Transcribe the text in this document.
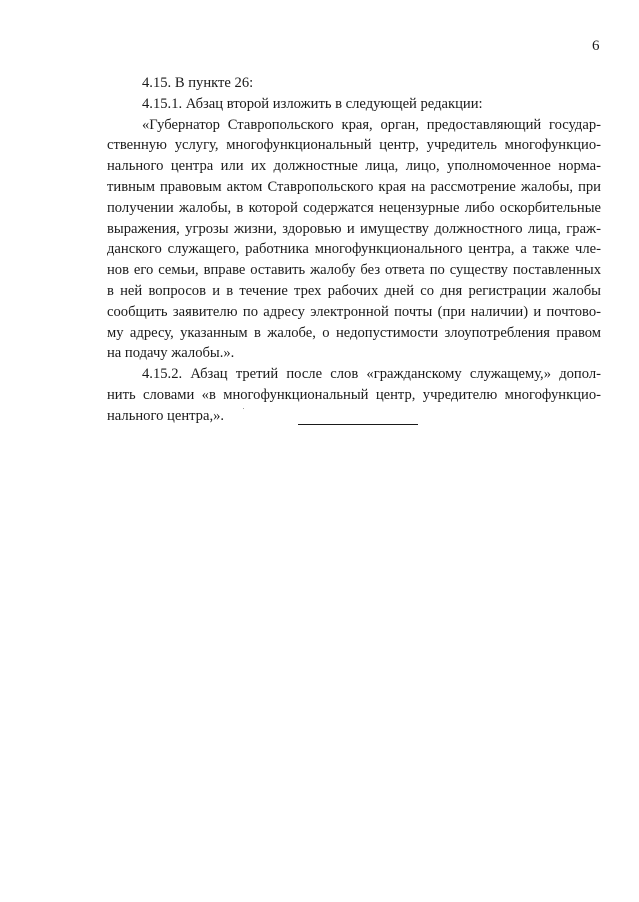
6
4.15. В пункте 26:
4.15.1. Абзац второй изложить в следующей редакции:
«Губернатор Ставропольского края, орган, предоставляющий государ-
ственную услугу, многофункциональный центр, учредитель многофункцио-
нального центра или их должностные лица, лицо, уполномоченное норма-
тивным правовым актом Ставропольского края на рассмотрение жалобы, при
получении жалобы, в которой содержатся нецензурные либо оскорбительные
выражения, угрозы жизни, здоровью и имуществу должностного лица, граж-
данского служащего, работника многофункционального центра, а также чле-
нов его семьи, вправе оставить жалобу без ответа по существу поставленных
в ней вопросов и в течение трех рабочих дней со дня регистрации жалобы
сообщить заявителю по адресу электронной почты (при наличии) и почтово-
му адресу, указанным в жалобе, о недопустимости злоупотребления правом
на подачу жалобы.».
4.15.2. Абзац третий после слов «гражданскому служащему,» допол-
нить словами «в многофункциональный центр, учредителю многофункцио-
нального центра,».
